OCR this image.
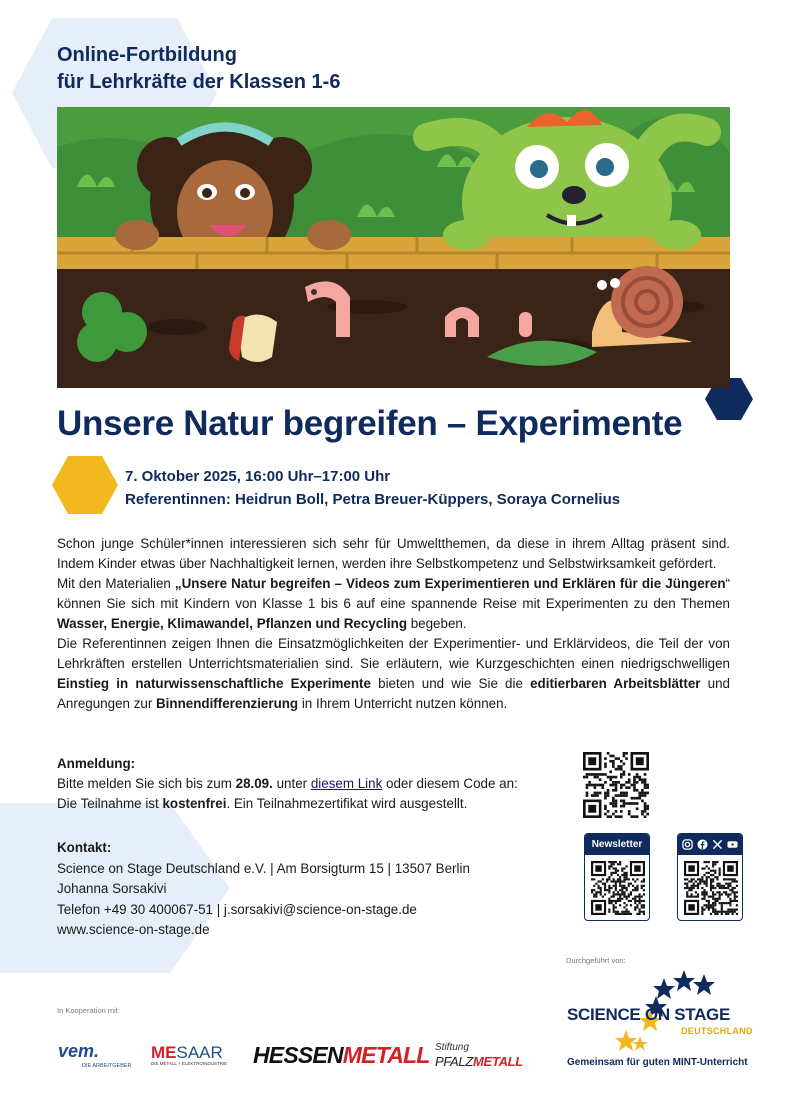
Online-Fortbildung
für Lehrkräfte der Klassen 1-6
Unsere Natur begreifen – Experimente
7. Oktober 2025, 16:00 Uhr–17:00 Uhr
Referentinnen: Heidrun Boll, Petra Breuer-Küppers, Soraya Cornelius

Schon junge Schüler*innen interessieren sich sehr für Umweltthemen, da diese in ihrem Alltag präsent sind. Indem Kinder etwas über Nachhaltigkeit lernen, werden ihre Selbstkompetenz und Selbstwirksamkeit gefördert.

Mit den Materialien „Unsere Natur begreifen – Videos zum Experimentieren und Erklären für die Jüngeren“ können Sie sich mit Kindern von Klasse 1 bis 6 auf eine spannende Reise mit Experimenten zu den Themen Wasser, Energie, Klimawandel, Pflanzen und Recycling begeben.

Die Referentinnen zeigen Ihnen die Einsatzmöglichkeiten der Experimentier- und Erklärvideos, die Teil der von Lehrkräften erstellen Unterrichtsmaterialien sind. Sie erläutern, wie Kurzgeschichten einen niedrigschwelligen Einstieg in naturwissenschaftliche Experimente bieten und wie Sie die editierbaren Arbeitsblätter und Anregungen zur Binnendifferenzierung in Ihrem Unterricht nutzen können.

Anmeldung:
Bitte melden Sie sich bis zum 28.09. unter diesem Link oder diesem Code an:
Die Teilnahme ist kostenfrei. Ein Teilnahmezertifikat wird ausgestellt.
Kontakt:
Science on Stage Deutschland e.V. | Am Borsigturm 15 | 13507 Berlin
Johanna Sorsakivi
Telefon +49 30 400067-51 | j.sorsakivi@science-on-stage.de
www.science-on-stage.de
Newsletter
Durchgeführt von:
In Kooperation mit:	SCIENCE ON STAGE
DEUTSCHLAND
Gemeinsam für guten MINT-Unterricht
vem.
DIE ARBEITGEBER
MESAAR
DIE METALL + ELEKTROINDUSTRIE HESSENMETALL Stiftung
PFALZMETALL
